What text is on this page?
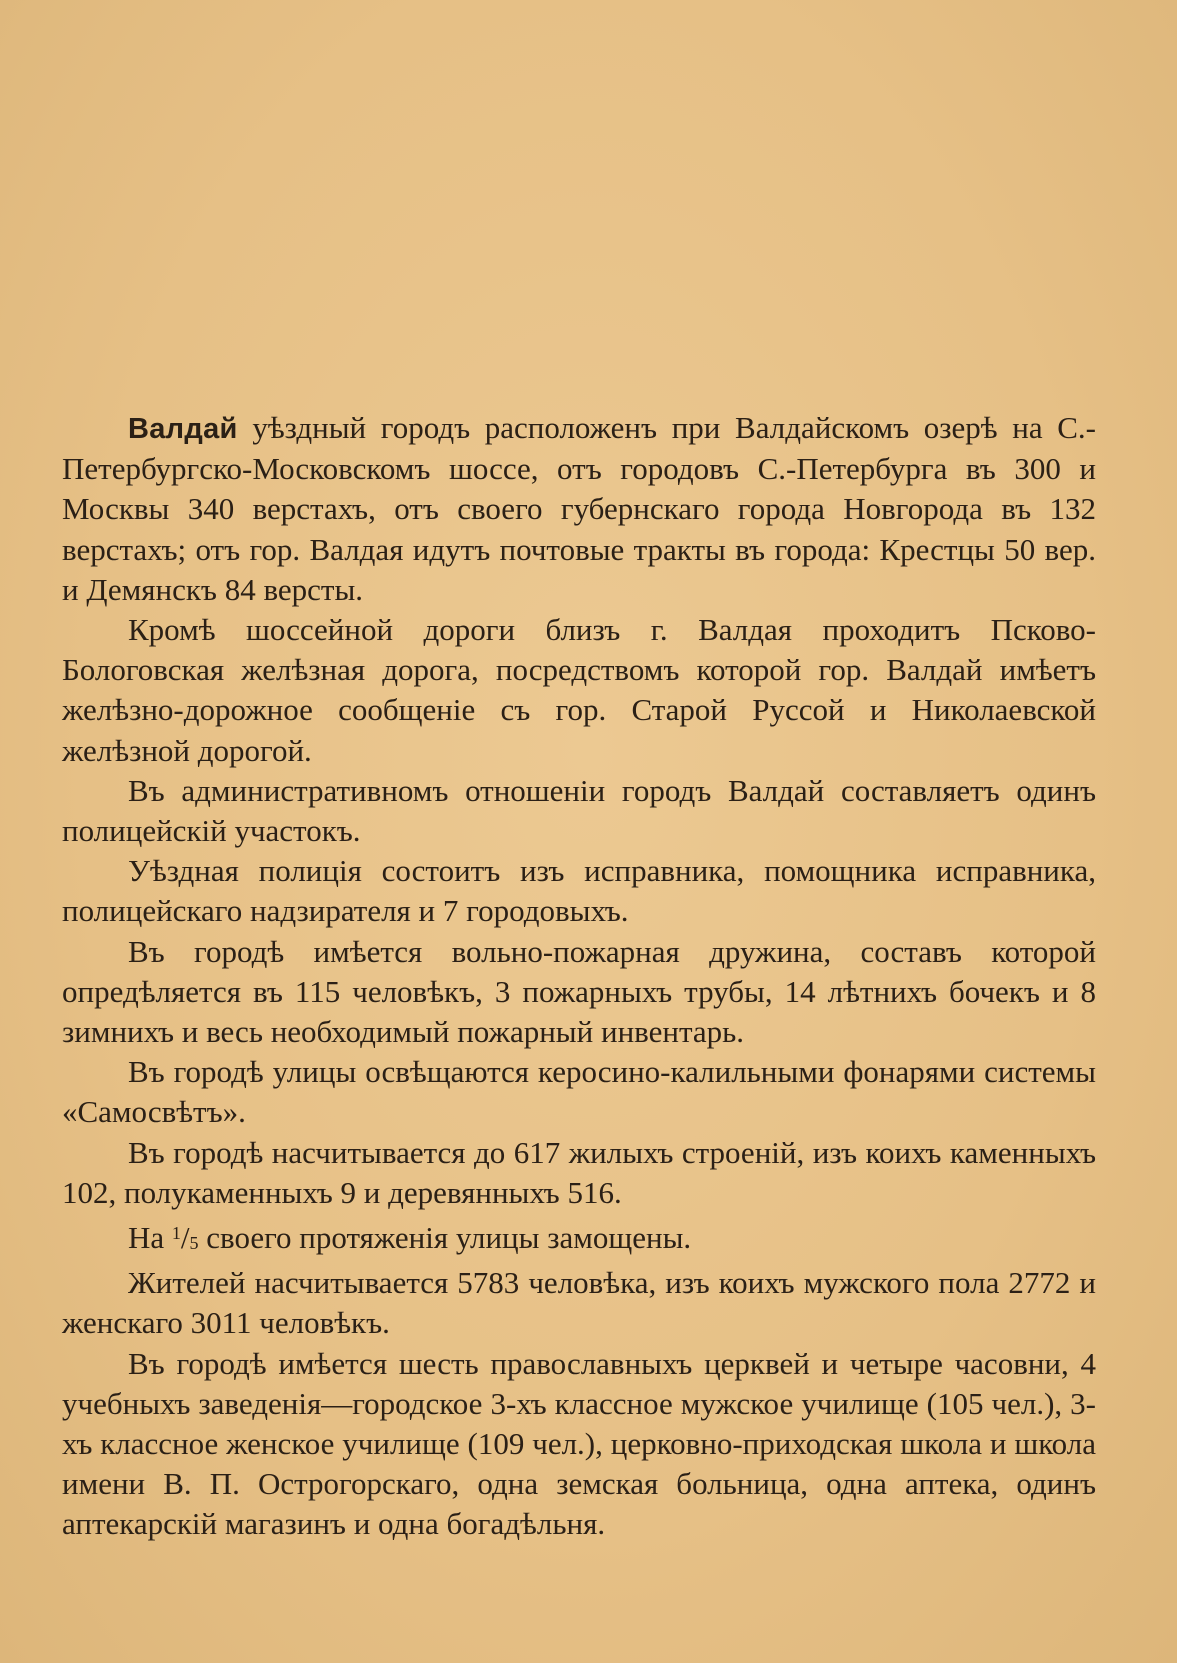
Валдай уѣздный городъ расположенъ при Валдайскомъ озерѣ на С.-Петербургско-Московскомъ шоссе, отъ городовъ С.-Петербурга въ 300 и Москвы 340 верстахъ, отъ своего губернскаго города Новгорода въ 132 верстахъ; отъ гор. Валдая идутъ почтовые тракты въ города: Крестцы 50 вер. и Демянскъ 84 версты.

Кромѣ шоссейной дороги близъ г. Валдая проходитъ Псково-Бологовская желѣзная дорога, посредствомъ которой гор. Валдай имѣетъ желѣзно-дорожное сообщеніе съ гор. Старой Руссой и Николаевской желѣзной дорогой.

Въ административномъ отношеніи городъ Валдай составляетъ одинъ полицейскій участокъ.

Уѣздная полиція состоитъ изъ исправника, помощника исправника, полицейскаго надзирателя и 7 городовыхъ.

Въ городѣ имѣется вольно-пожарная дружина, составъ которой опредѣляется въ 115 человѣкъ, 3 пожарныхъ трубы, 14 лѣтнихъ бочекъ и 8 зимнихъ и весь необходимый пожарный инвентарь.

Въ городѣ улицы освѣщаются керосино-калильными фонарями системы «Самосвѣтъ».

Въ городѣ насчитывается до 617 жилыхъ строеній, изъ коихъ каменныхъ 102, полукаменныхъ 9 и деревянныхъ 516.

На $^1$/5 своего протяженія улицы замощены.

Жителей насчитывается 5783 человѣка, изъ коихъ мужского пола 2772 и женскаго 3011 человѣкъ.

Въ городѣ имѣется шесть православныхъ церквей и четыре часовни, 4 учебныхъ заведенія—городское 3-хъ классное мужское училище (105 чел.), 3-хъ классное женское училище (109 чел.), церковно-приходская школа и школа имени В. П. Острогорскаго, одна земская больница, одна аптека, одинъ аптекарскій магазинъ и одна богадѣльня.
